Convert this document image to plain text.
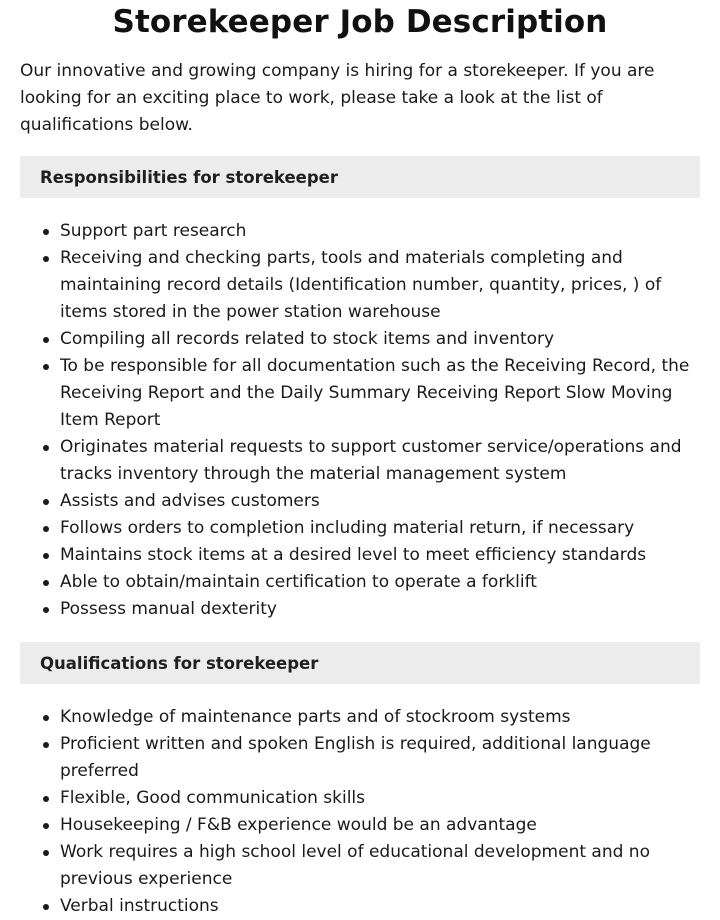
Storekeeper Job Description

Our innovative and growing company is hiring for a storekeeper. If you are looking for an exciting place to work, please take a look at the list of qualifications below.

Responsibilities for storekeeper
Support part research
Receiving and checking parts, tools and materials completing and maintaining record details (Identification number, quantity, prices, ) of items stored in the power station warehouse
Compiling all records related to stock items and inventory
To be responsible for all documentation such as the Receiving Record, the Receiving Report and the Daily Summary Receiving Report Slow Moving Item Report
Originates material requests to support customer service/operations and tracks inventory through the material management system
Assists and advises customers
Follows orders to completion including material return, if necessary
Maintains stock items at a desired level to meet efficiency standards
Able to obtain/maintain certification to operate a forklift
Possess manual dexterity
Qualifications for storekeeper
Knowledge of maintenance parts and of stockroom systems
Proficient written and spoken English is required, additional language preferred
Flexible, Good communication skills
Housekeeping / F&B experience would be an advantage
Work requires a high school level of educational development and no previous experience
Verbal instructions
